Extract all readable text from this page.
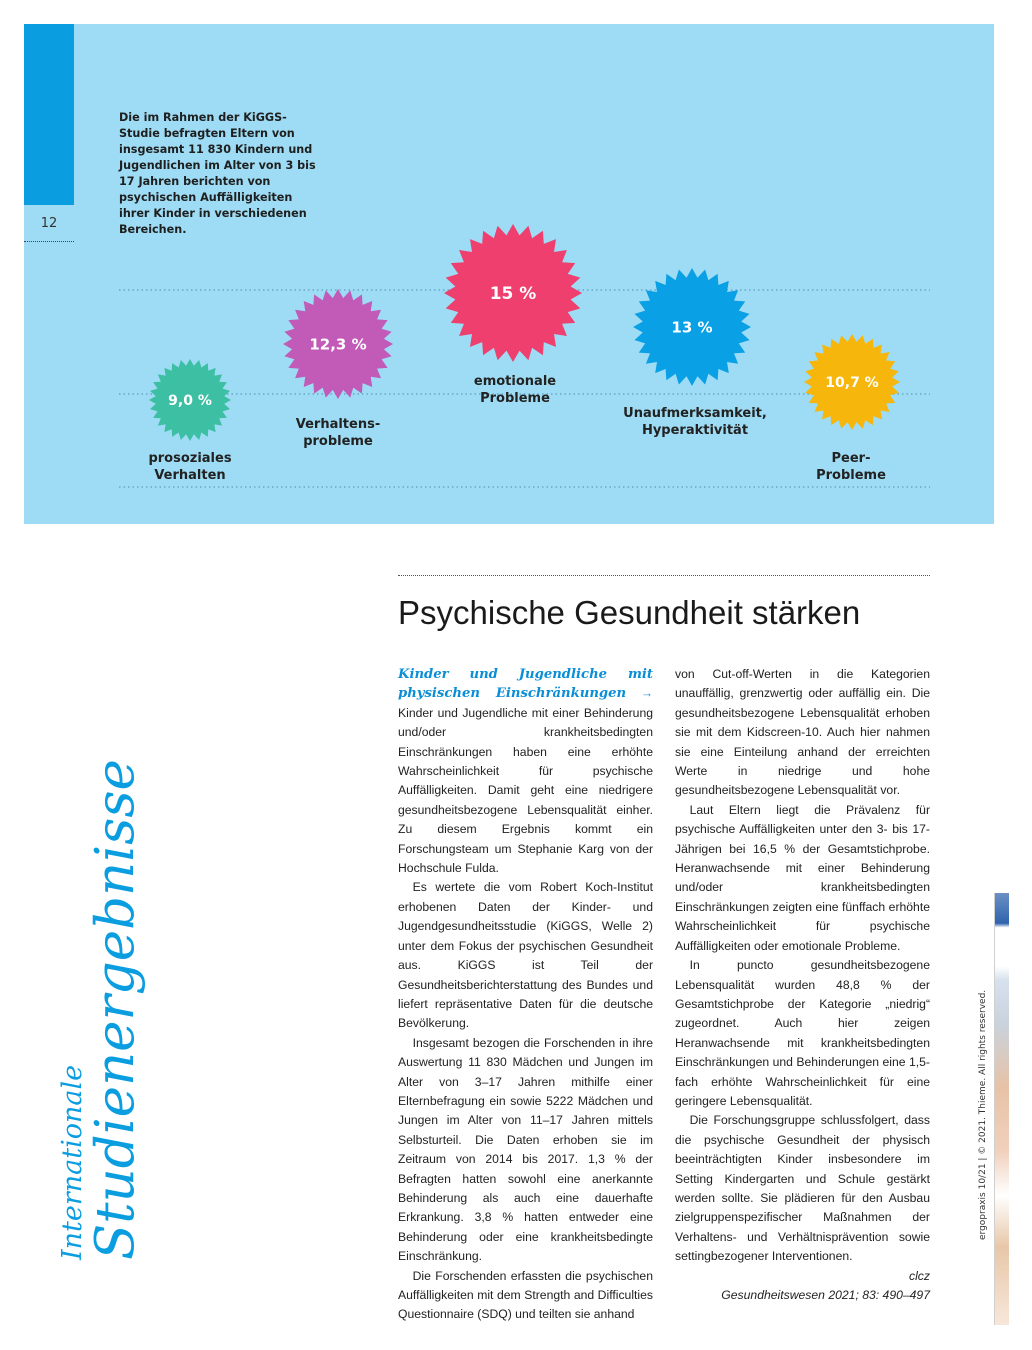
12
Die im Rahmen der KiGGS-Studie befragten Eltern von insgesamt 11 830 Kindern und Jugendlichen im Alter von 3 bis 17 Jahren berichten von psychischen Auffälligkeiten ihrer Kinder in verschiedenen Bereichen.
9,0 %
12,3 %
15 %
13 %
10,7 %
prosoziales
Verhalten
Verhaltens-
probleme
emotionale
Probleme
Unaufmerksamkeit,
Hyperaktivität
Peer-
Probleme
Internationale
Studienergebnisse
Psychische Gesundheit stärken

Kinder und Jugendliche mit physischen Einschränkungen → Kinder und Jugendliche mit einer Behinderung und/oder krankheitsbedingten Einschränkungen haben eine erhöhte Wahrscheinlichkeit für psychische Auffälligkeiten. Damit geht eine niedrigere gesundheitsbezogene Lebensqualität einher. Zu diesem Ergebnis kommt ein Forschungsteam um Stephanie Karg von der Hochschule Fulda.

Es wertete die vom Robert Koch-Institut erhobenen Daten der Kinder- und Jugendgesundheitsstudie (KiGGS, Welle 2) unter dem Fokus der psychischen Gesundheit aus. KiGGS ist Teil der Gesundheitsberichterstattung des Bundes und liefert repräsentative Daten für die deutsche Bevölkerung.

Insgesamt bezogen die Forschenden in ihre Auswertung 11 830 Mädchen und Jungen im Alter von 3–17 Jahren mithilfe einer Elternbefragung ein sowie 5222 Mädchen und Jungen im Alter von 11–17 Jahren mittels Selbsturteil. Die Daten erhoben sie im Zeitraum von 2014 bis 2017. 1,3 % der Befragten hatten sowohl eine anerkannte Behinderung als auch eine dauerhafte Erkrankung. 3,8 % hatten entweder eine Behinderung oder eine krankheitsbedingte Einschränkung.

Die Forschenden erfassten die psychischen Auffälligkeiten mit dem Strength and Difficulties Questionnaire (SDQ) und teilten sie anhand

von Cut-off-Werten in die Kategorien unauffällig, grenzwertig oder auffällig ein. Die gesundheitsbezogene Lebensqualität erhoben sie mit dem Kidscreen-10. Auch hier nahmen sie eine Einteilung anhand der erreichten Werte in niedrige und hohe gesundheitsbezogene Lebensqualität vor.

Laut Eltern liegt die Prävalenz für psychische Auffälligkeiten unter den 3- bis 17-Jährigen bei 16,5 % der Gesamtstichprobe. Heranwachsende mit einer Behinderung und/oder krankheitsbedingten Einschränkungen zeigten eine fünffach erhöhte Wahrscheinlichkeit für psychische Auffälligkeiten oder emotionale Probleme.

In puncto gesundheitsbezogene Lebensqualität wurden 48,8 % der Gesamtstichprobe der Kategorie „niedrig“ zugeordnet. Auch hier zeigen Heranwachsende mit krankheitsbedingten Einschränkungen und Behinderungen eine 1,5-fach erhöhte Wahrscheinlichkeit für eine geringere Lebensqualität.

Die Forschungsgruppe schlussfolgert, dass die psychische Gesundheit der physisch beeinträchtigten Kinder insbesondere im Setting Kindergarten und Schule gestärkt werden sollte. Sie plädieren für den Ausbau zielgruppenspezifischer Maßnahmen der Verhaltens- und Verhältnisprävention sowie settingbezogener Interventionen.

clcz
Gesundheitswesen 2021; 83: 490–497
ergopraxis 10/21 | © 2021. Thieme. All rights reserved.
